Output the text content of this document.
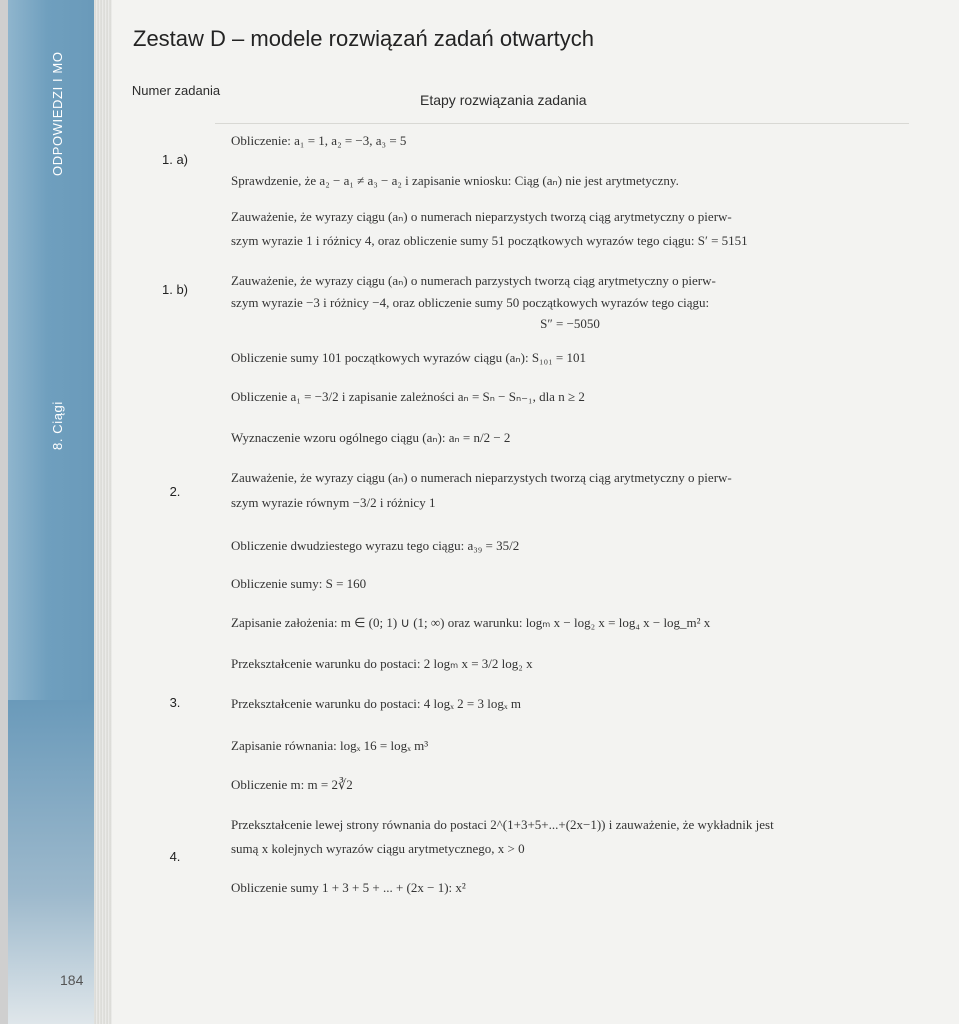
ODPOWIEDZI I MO
8. Ciągi
Zestaw D – modele rozwiązań zadań otwartych
Numer zadania
Etapy rozwiązania zadania
1. a)
1. b)
2.
3.
4.
Obliczenie: a₁ = 1, a₂ = −3, a₃ = 5
Sprawdzenie, że a₂ − a₁ ≠ a₃ − a₂ i zapisanie wniosku: Ciąg (aₙ) nie jest arytmetyczny.
Zauważenie, że wyrazy ciągu (aₙ) o numerach nieparzystych tworzą ciąg arytmetyczny o pierw-
szym wyrazie 1 i różnicy 4, oraz obliczenie sumy 51 początkowych wyrazów tego ciągu: S′ = 5151
Zauważenie, że wyrazy ciągu (aₙ) o numerach parzystych tworzą ciąg arytmetyczny o pierw-
szym wyrazie −3 i różnicy −4, oraz obliczenie sumy 50 początkowych wyrazów tego ciągu:
S″ = −5050
Obliczenie sumy 101 początkowych wyrazów ciągu (aₙ): S₁₀₁ = 101
Obliczenie a₁ = −3/2 i zapisanie zależności aₙ = Sₙ − Sₙ₋₁, dla n ≥ 2
Wyznaczenie wzoru ogólnego ciągu (aₙ): aₙ = n/2 − 2
Zauważenie, że wyrazy ciągu (aₙ) o numerach nieparzystych tworzą ciąg arytmetyczny o pierw-
szym wyrazie równym −3/2 i różnicy 1
Obliczenie dwudziestego wyrazu tego ciągu: a₃₉ = 35/2
Obliczenie sumy: S = 160
Zapisanie założenia: m ∈ (0; 1) ∪ (1; ∞) oraz warunku: logₘ x − log₂ x = log₄ x − log_m² x
Przekształcenie warunku do postaci: 2 logₘ x = 3/2 log₂ x
Przekształcenie warunku do postaci: 4 logₓ 2 = 3 logₓ m
Zapisanie równania: logₓ 16 = logₓ m³
Obliczenie m: m = 2∛2
Przekształcenie lewej strony równania do postaci 2^(1+3+5+...+(2x−1)) i zauważenie, że wykładnik jest
sumą x kolejnych wyrazów ciągu arytmetycznego, x > 0
Obliczenie sumy 1 + 3 + 5 + ... + (2x − 1): x²
184
